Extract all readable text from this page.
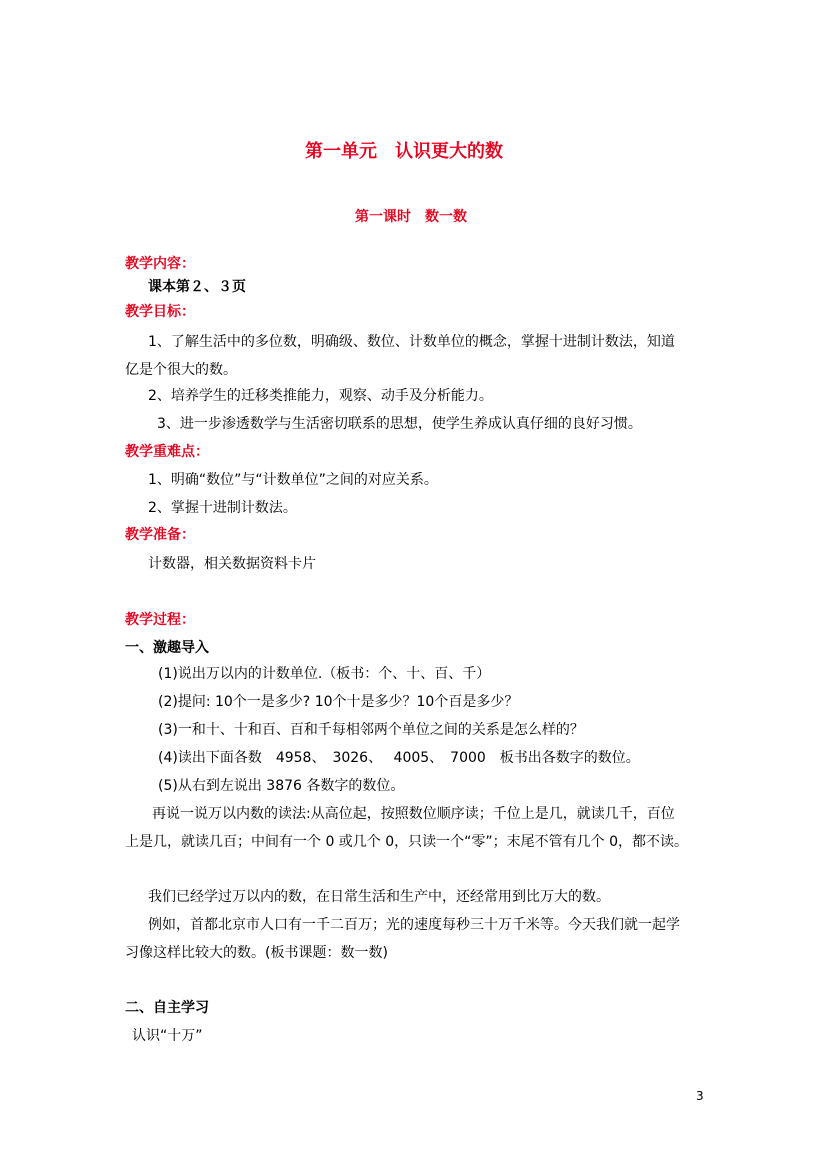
第一单元　认识更大的数
第一课时　数一数
教学内容：
课本第２、３页
教学目标：
1、了解生活中的多位数，明确级、数位、计数单位的概念，掌握十进制计数法，知道
亿是个很大的数。
2、培养学生的迁移类推能力，观察、动手及分析能力。
3、进一步渗透数学与生活密切联系的思想，使学生养成认真仔细的良好习惯。
教学重难点：
1、明确“数位”与“计数单位”之间的对应关系。
2、掌握十进制计数法。
教学准备：
计数器，相关数据资料卡片
教学过程：
一、激趣导入
(1)说出万以内的计数单位.（板书：个、十、百、千）
(2)提问: 10个一是多少? 10个十是多少？10个百是多少？
(3)一和十、十和百、百和千每相邻两个单位之间的关系是怎么样的？
(4)读出下面各数　4958、　3026、　 4005、　7000　板书出各数字的数位。
(5)从右到左说出 3876 各数字的数位。
再说一说万以内数的读法:从高位起，按照数位顺序读；千位上是几，就读几千，百位
上是几，就读几百；中间有一个 0 或几个 0，只读一个“零”；末尾不管有几个 0，都不读。
我们已经学过万以内的数，在日常生活和生产中，还经常用到比万大的数。
例如，首都北京市人口有一千二百万；光的速度每秒三十万千米等。今天我们就一起学
习像这样比较大的数。(板书课题：数一数)
二、自主学习
认识“十万”
3
